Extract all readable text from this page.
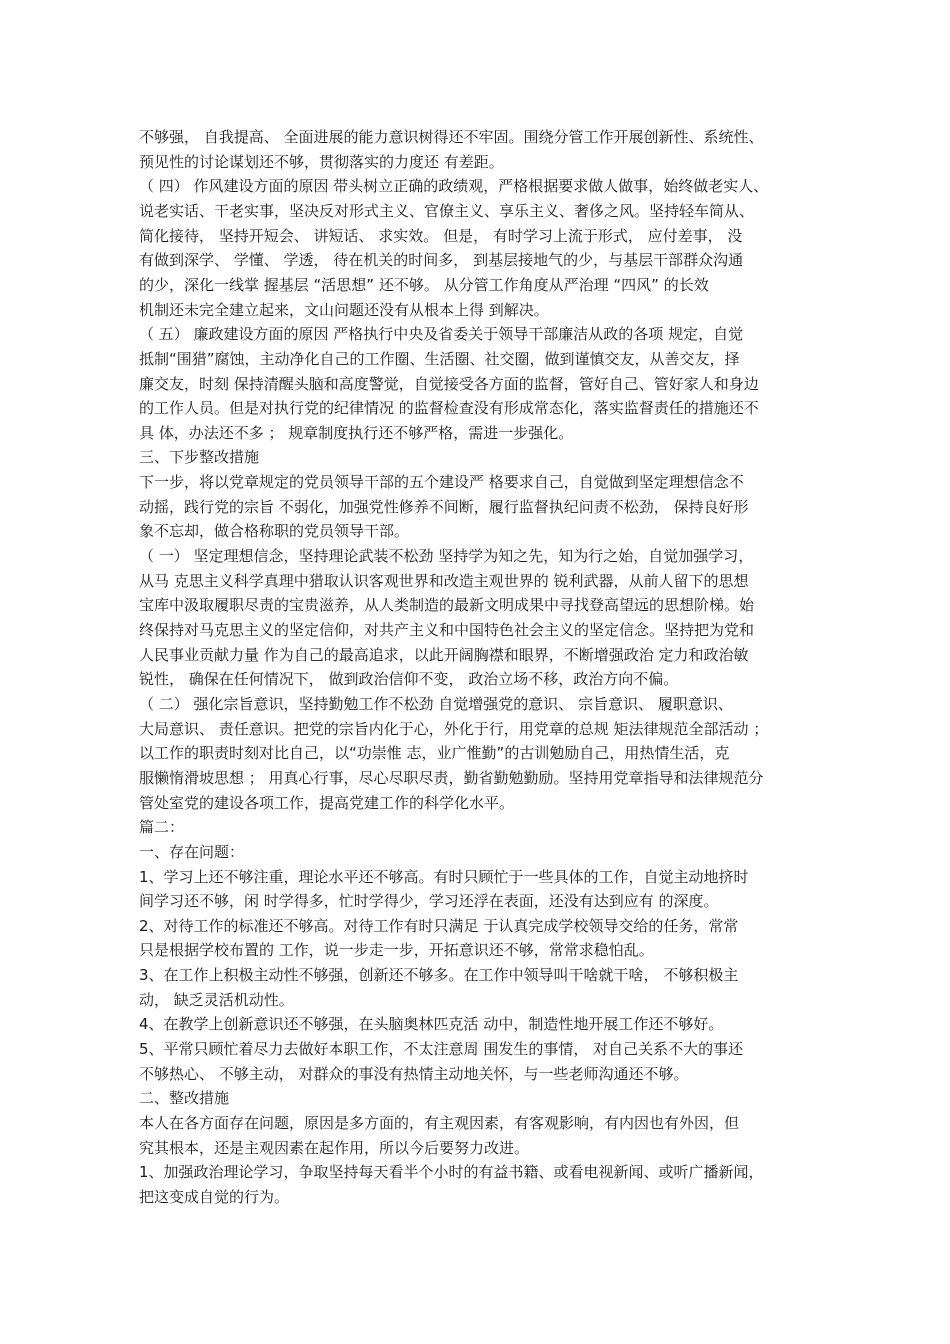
不够强， 自我提高、 全面进展的能力意识树得还不牢固。围绕分管工作开展创新性、系统性、
预见性的讨论谋划还不够，贯彻落实的力度还 有差距。
（ 四） 作风建设方面的原因 带头树立正确的政绩观，严格根据要求做人做事，始终做老实人、
说老实话、干老实事，坚决反对形式主义、官僚主义、享乐主义、奢侈之风。坚持轻车简从、
简化接待， 坚持开短会、 讲短话、 求实效。 但是， 有时学习上流于形式， 应付差事， 没
有做到深学、 学懂、 学透， 待在机关的时间多， 到基层接地气的少，与基层干部群众沟通
的少，深化一线掌 握基层 “活思想” 还不够。 从分管工作角度从严治理 “四风” 的长效
机制还未完全建立起来，文山问题还没有从根本上得 到解决。
（ 五） 廉政建设方面的原因 严格执行中央及省委关于领导干部廉洁从政的各项 规定，自觉
抵制“围猎”腐蚀，主动净化自己的工作圈、生活圈、社交圈，做到谨慎交友，从善交友，择
廉交友，时刻 保持清醒头脑和高度警觉，自觉接受各方面的监督，管好自己、管好家人和身边
的工作人员。但是对执行党的纪律情况 的监督检查没有形成常态化，落实监督责任的措施还不
具 体，办法还不多 ； 规章制度执行还不够严格，需进一步强化。
三、下步整改措施
下一步，将以党章规定的党员领导干部的五个建设严 格要求自己，自觉做到坚定理想信念不
动摇，践行党的宗旨 不弱化，加强党性修养不间断，履行监督执纪问责不松劲， 保持良好形
象不忘却，做合格称职的党员领导干部。
（ 一） 坚定理想信念，坚持理论武装不松劲 坚持学为知之先，知为行之始，自觉加强学习，
从马 克思主义科学真理中猎取认识客观世界和改造主观世界的 锐利武器，从前人留下的思想
宝库中汲取履职尽责的宝贵滋养，从人类制造的最新文明成果中寻找登高望远的思想阶梯。始
终保持对马克思主义的坚定信仰，对共产主义和中国特色社会主义的坚定信念。坚持把为党和
人民事业贡献力量 作为自己的最高追求，以此开阔胸襟和眼界，不断增强政治 定力和政治敏
锐性， 确保在任何情况下， 做到政治信仰不变， 政治立场不移，政治方向不偏。
（ 二） 强化宗旨意识，坚持勤勉工作不松劲 自觉增强党的意识、 宗旨意识、 履职意识、
大局意识、 责任意识。把党的宗旨内化于心，外化于行，用党章的总规 矩法律规范全部活动 ；
以工作的职责时刻对比自己，以“功崇惟 志，业广惟勤”的古训勉励自己，用热情生活，克
服懒惰滑坡思想 ； 用真心行事，尽心尽职尽责，勤省勤勉勤励。坚持用党章指导和法律规范分
管处室党的建设各项工作，提高党建工作的科学化水平。
篇二：
一、存在问题：
1、学习上还不够注重，理论水平还不够高。有时只顾忙于一些具体的工作，自觉主动地挤时
间学习还不够，闲 时学得多，忙时学得少，学习还浮在表面，还没有达到应有 的深度。
2、对待工作的标准还不够高。对待工作有时只满足 于认真完成学校领导交给的任务，常常
只是根据学校布置的 工作，说一步走一步，开拓意识还不够，常常求稳怕乱。
3、在工作上积极主动性不够强，创新还不够多。在工作中领导叫干啥就干啥， 不够积极主
动， 缺乏灵活机动性。
4、在教学上创新意识还不够强，在头脑奥林匹克活 动中，制造性地开展工作还不够好。
5、平常只顾忙着尽力去做好本职工作，不太注意周 围发生的事情， 对自己关系不大的事还
不够热心、 不够主动， 对群众的事没有热情主动地关怀，与一些老师沟通还不够。
二、整改措施
本人在各方面存在问题，原因是多方面的，有主观因素，有客观影响，有内因也有外因，但
究其根本，还是主观因素在起作用，所以今后要努力改进。
1、加强政治理论学习，争取坚持每天看半个小时的有益书籍、或看电视新闻、或听广播新闻，
把这变成自觉的行为。
